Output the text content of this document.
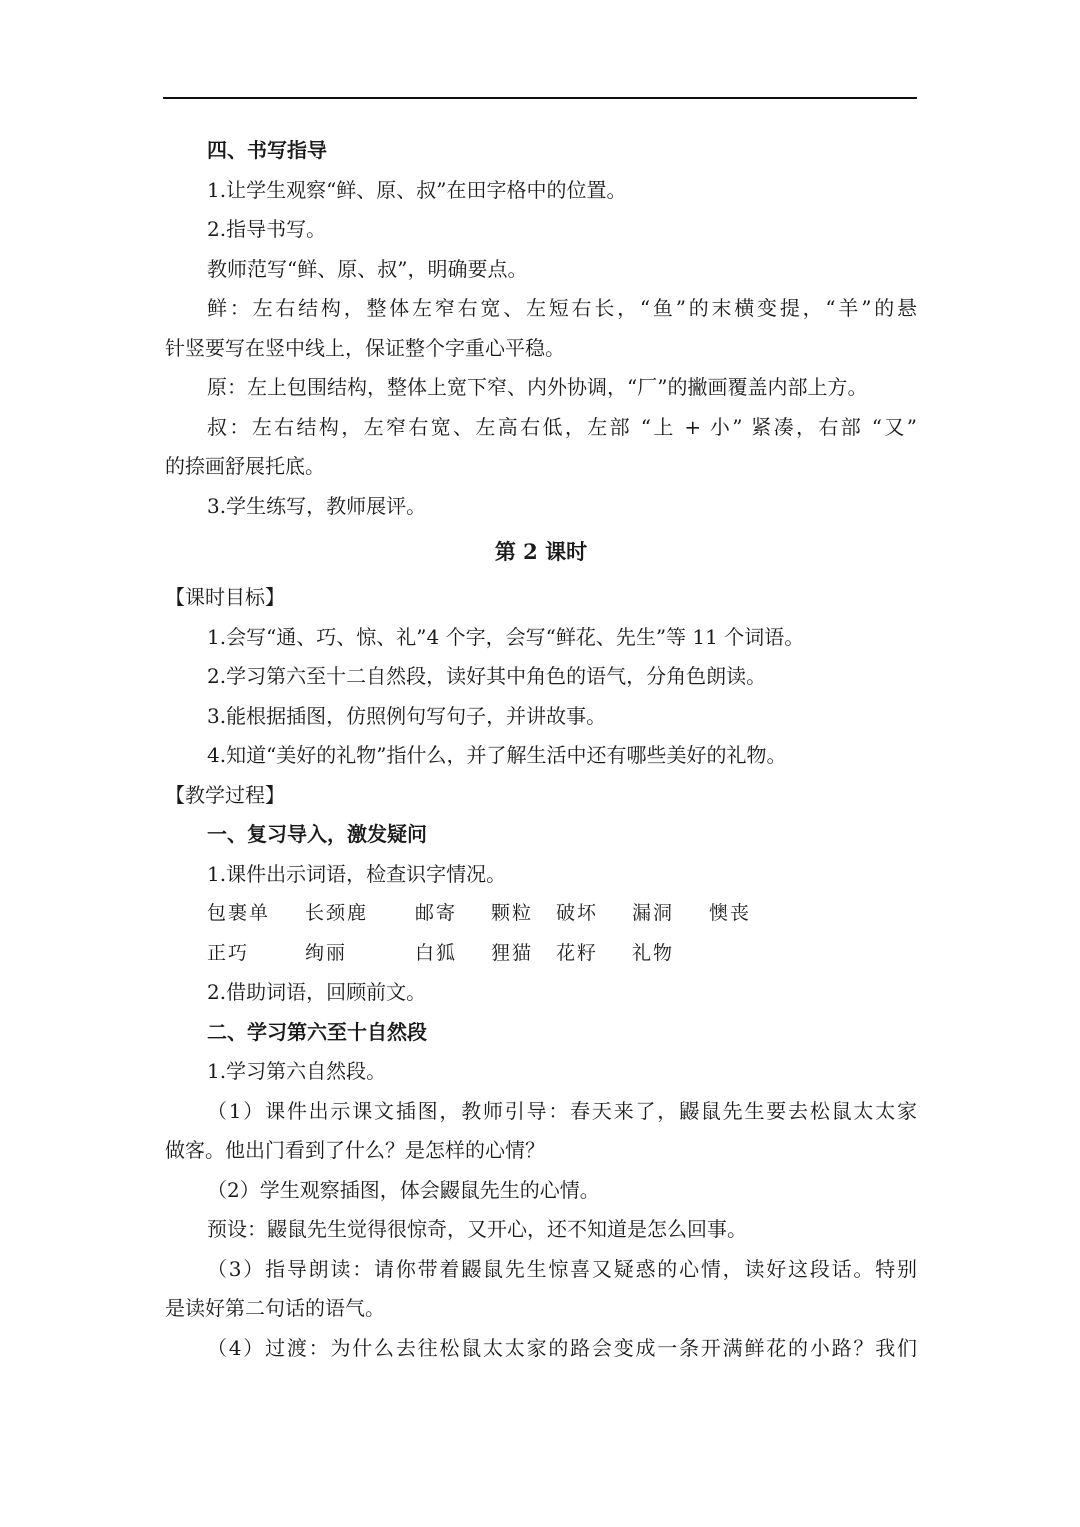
四、书写指导
1.让学生观察“鲜、原、叔”在田字格中的位置。
2.指导书写。
教师范写“鲜、原、叔”，明确要点。
鲜：左右结构，整体左窄右宽、左短右长，“鱼”的末横变提，“羊”的悬
针竖要写在竖中线上，保证整个字重心平稳。
原：左上包围结构，整体上宽下窄、内外协调，“厂”的撇画覆盖内部上方。
叔：左右结构，左窄右宽、左高右低，左部 “上 + 小” 紧凑，右部 “又”
的捺画舒展托底。
3.学生练写，教师展评。
第 2 课时
【课时目标】
1.会写“通、巧、惊、礼”4 个字，会写“鲜花、先生”等 11 个词语。
2.学习第六至十二自然段，读好其中角色的语气，分角色朗读。
3.能根据插图，仿照例句写句子，并讲故事。
4.知道“美好的礼物”指什么，并了解生活中还有哪些美好的礼物。
【教学过程】
一、复习导入，激发疑问
1.课件出示词语，检查识字情况。
包裹单	长颈鹿	邮寄	颗粒	破坏	漏洞	懊丧
正巧	绚丽	白狐	狸猫	花籽	礼物
2.借助词语，回顾前文。
二、学习第六至十自然段
1.学习第六自然段。
（1）课件出示课文插图，教师引导：春天来了，鼹鼠先生要去松鼠太太家
做客。他出门看到了什么？是怎样的心情？
（2）学生观察插图，体会鼹鼠先生的心情。
预设：鼹鼠先生觉得很惊奇，又开心，还不知道是怎么回事。
（3）指导朗读：请你带着鼹鼠先生惊喜又疑惑的心情，读好这段话。特别
是读好第二句话的语气。
（4）过渡：为什么去往松鼠太太家的路会变成一条开满鲜花的小路？我们
